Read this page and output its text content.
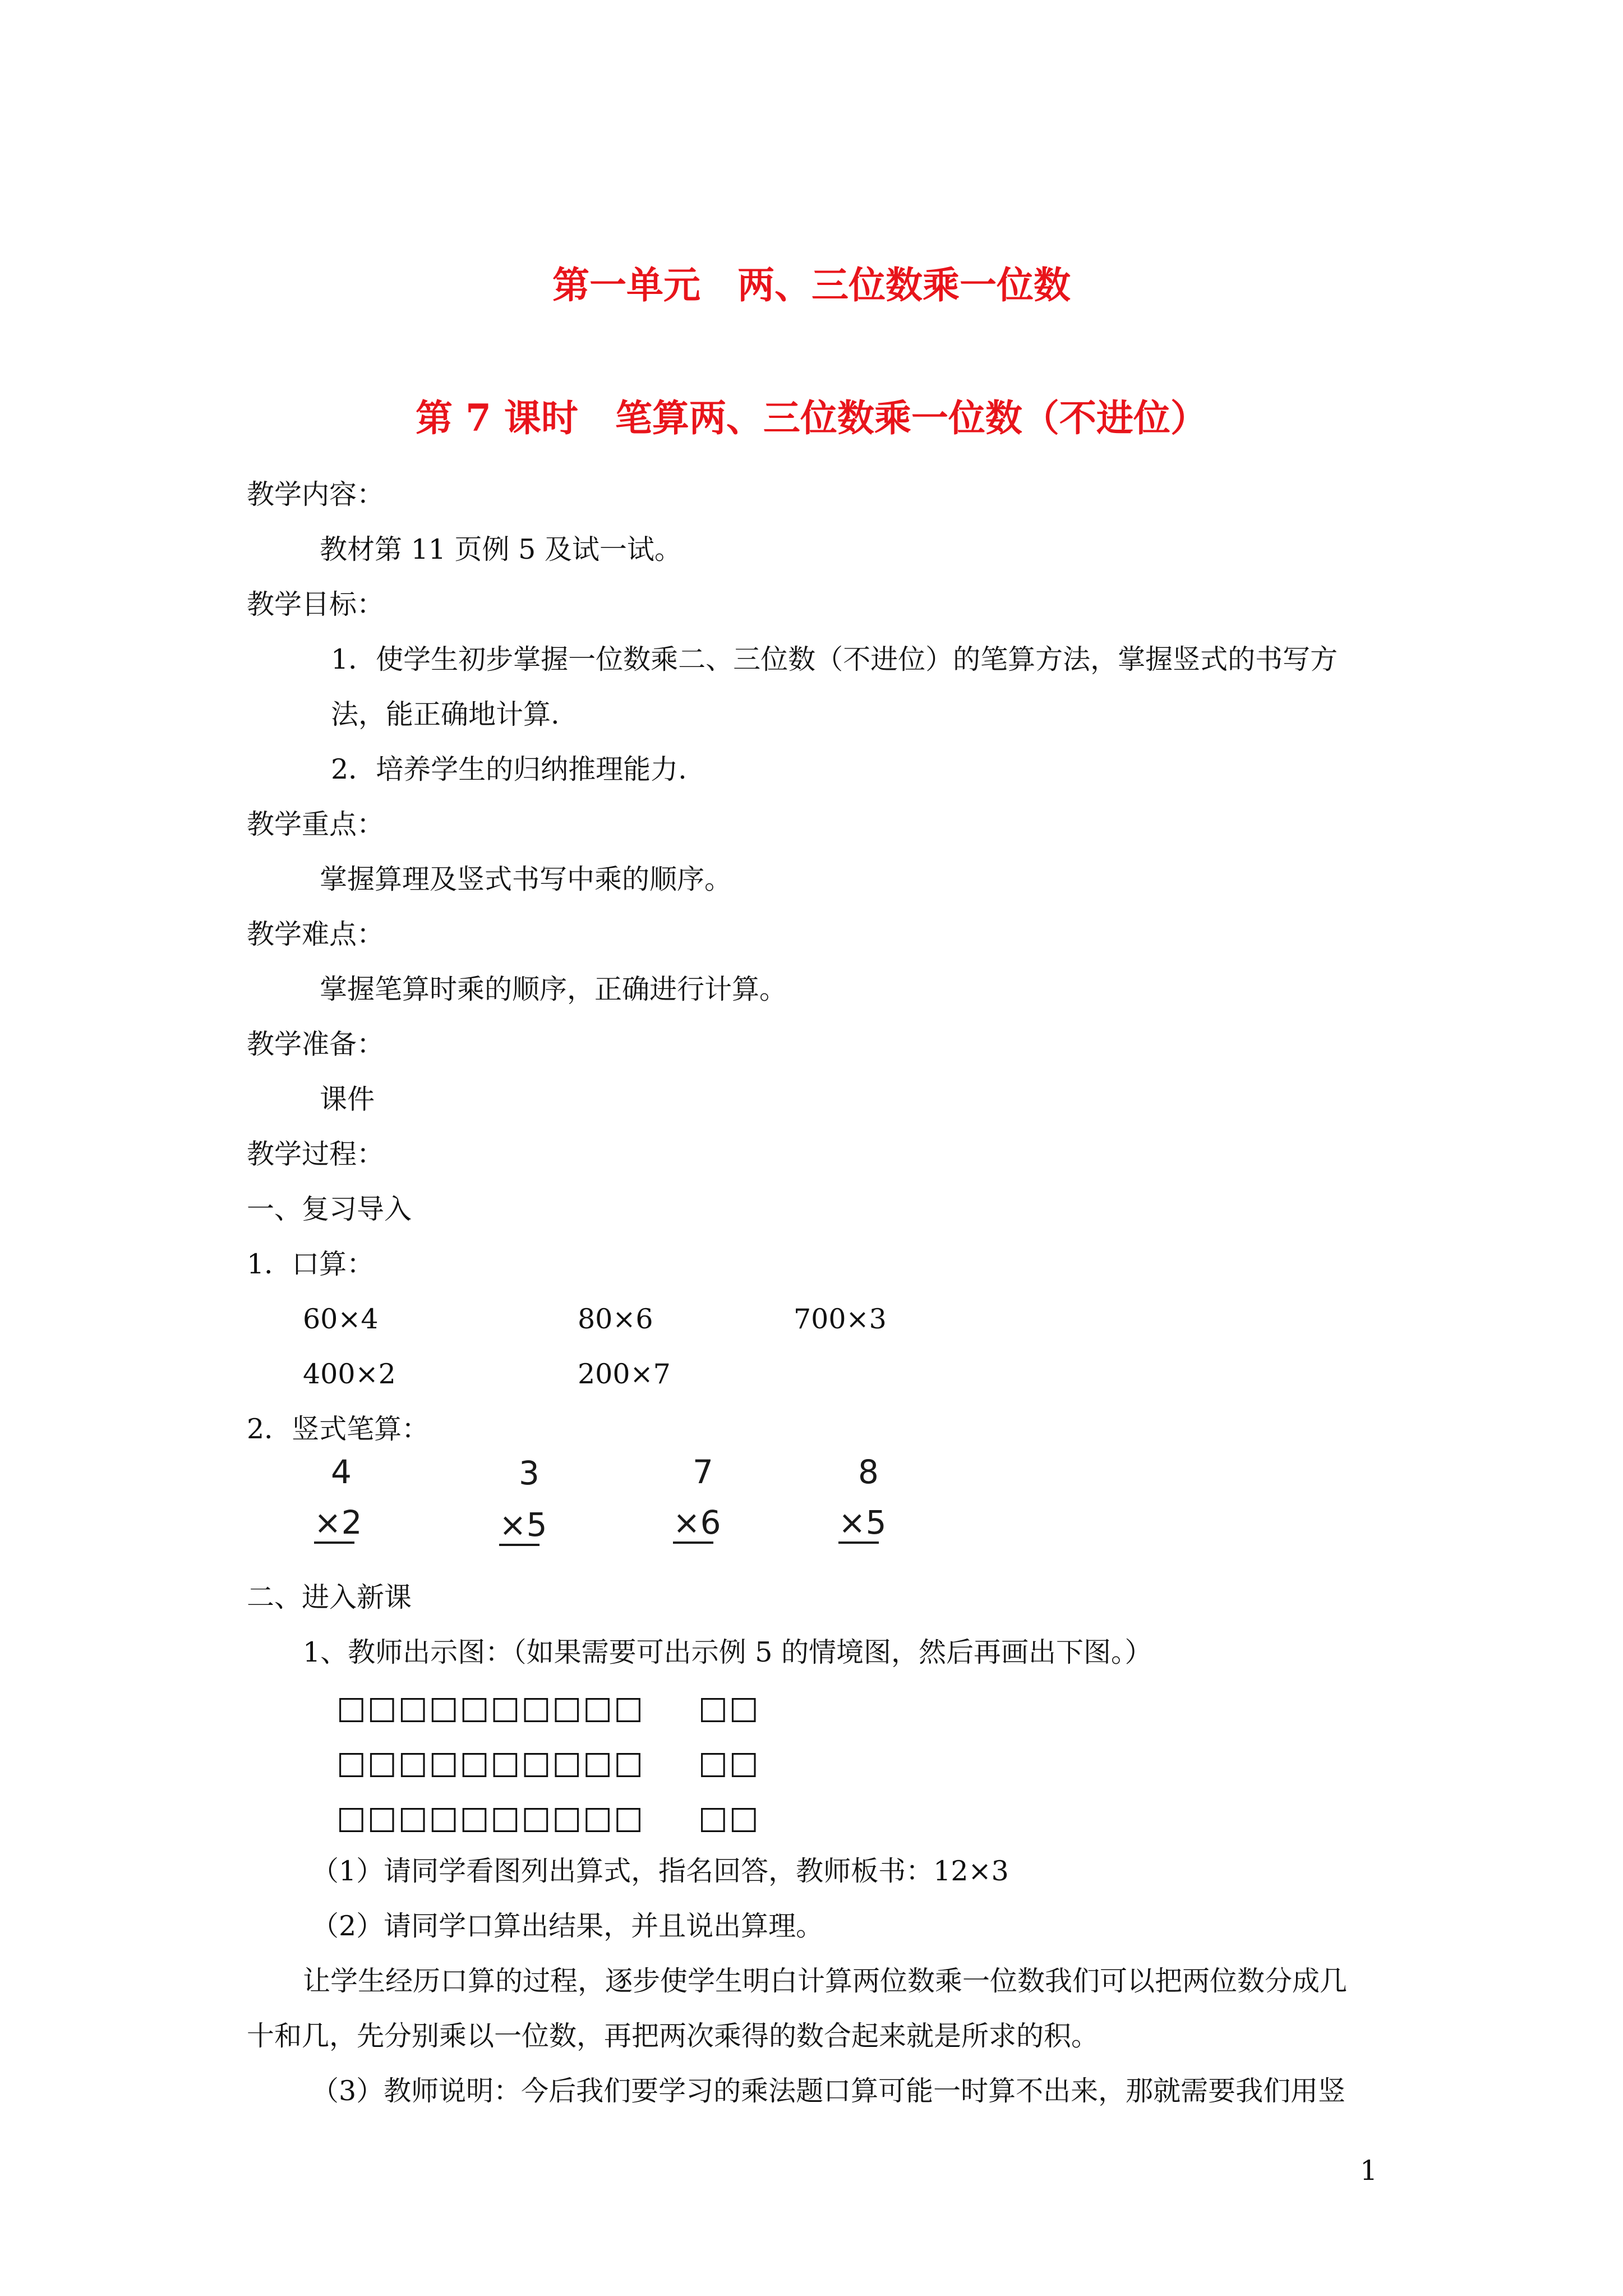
第一单元　两、三位数乘一位数
第 7 课时　笔算两、三位数乘一位数（不进位）
教学内容：
教材第 11 页例 5 及试一试。
教学目标：
1．使学生初步掌握一位数乘二、三位数（不进位）的笔算方法，掌握竖式的书写方
法，能正确地计算.
2．培养学生的归纳推理能力.
教学重点：
掌握算理及竖式书写中乘的顺序。
教学难点：
掌握笔算时乘的顺序，正确进行计算。
教学准备：
课件
教学过程：
一、复习导入
1．口算：
60×4	80×6	700×3
400×2	200×7
2．竖式笔算：
4
×2
3
×5
7
×6
8
×5
二、进入新课
1、教师出示图：（如果需要可出示例 5 的情境图，然后再画出下图。）
□□□□□□□□□□ □□
□□□□□□□□□□ □□
□□□□□□□□□□ □□
（1）请同学看图列出算式，指名回答，教师板书：12×3
（2）请同学口算出结果，并且说出算理。
让学生经历口算的过程，逐步使学生明白计算两位数乘一位数我们可以把两位数分成几
十和几，先分别乘以一位数，再把两次乘得的数合起来就是所求的积。
（3）教师说明：今后我们要学习的乘法题口算可能一时算不出来，那就需要我们用竖
1
